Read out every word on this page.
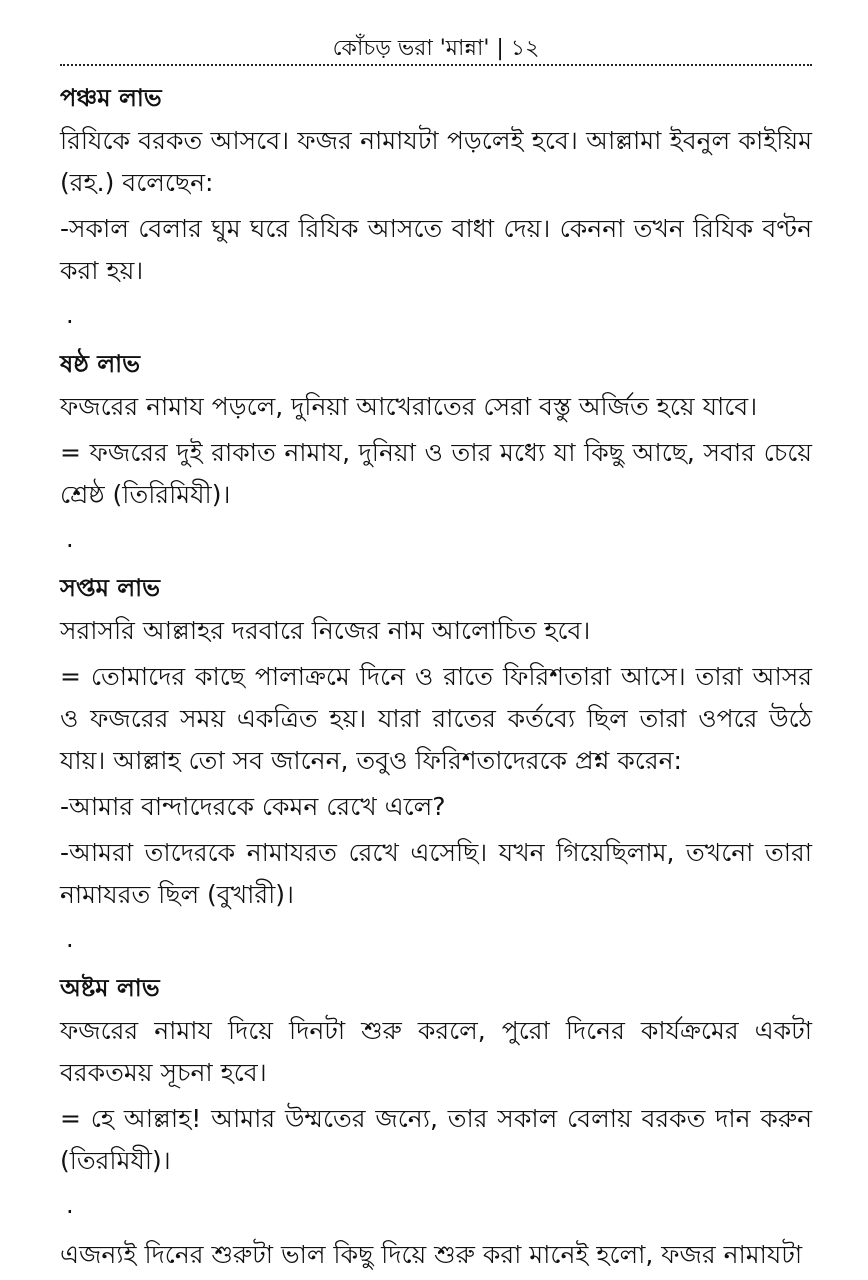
কোঁচড় ভরা 'মান্না' | ১২
পঞ্চম লাভ

রিযিকে বরকত আসবে। ফজর নামাযটা পড়লেই হবে। আল্লামা ইবনুল কাইয়িম (রহ.) বলেছেন:

-সকাল বেলার ঘুম ঘরে রিযিক আসতে বাধা দেয়। কেননা তখন রিযিক বণ্টন করা হয়।

.
ষষ্ঠ লাভ

ফজরের নামায পড়লে, দুনিয়া আখেরাতের সেরা বস্তু অর্জিত হয়ে যাবে।

= ফজরের দুই রাকাত নামায, দুনিয়া ও তার মধ্যে যা কিছু আছে, সবার চেয়ে শ্রেষ্ঠ (তিরিমিযী)।

.
সপ্তম লাভ

সরাসরি আল্লাহর দরবারে নিজের নাম আলোচিত হবে।

= তোমাদের কাছে পালাক্রমে দিনে ও রাতে ফিরিশতারা আসে। তারা আসর ও ফজরের সময় একত্রিত হয়। যারা রাতের কর্তব্যে ছিল তারা ওপরে উঠে যায়। আল্লাহ তো সব জানেন, তবুও ফিরিশতাদেরকে প্রশ্ন করেন:

-আমার বান্দাদেরকে কেমন রেখে এলে?

-আমরা তাদেরকে নামাযরত রেখে এসেছি। যখন গিয়েছিলাম, তখনো তারা নামাযরত ছিল (বুখারী)।

.
অষ্টম লাভ

ফজরের নামায দিয়ে দিনটা শুরু করলে, পুরো দিনের কার্যক্রমের একটা বরকতময় সূচনা হবে।

= হে আল্লাহ! আমার উম্মতের জন্যে, তার সকাল বেলায় বরকত দান করুন (তিরমিযী)।

.

এজন্যই দিনের শুরুটা ভাল কিছু দিয়ে শুরু করা মানেই হলো, ফজর নামাযটা
